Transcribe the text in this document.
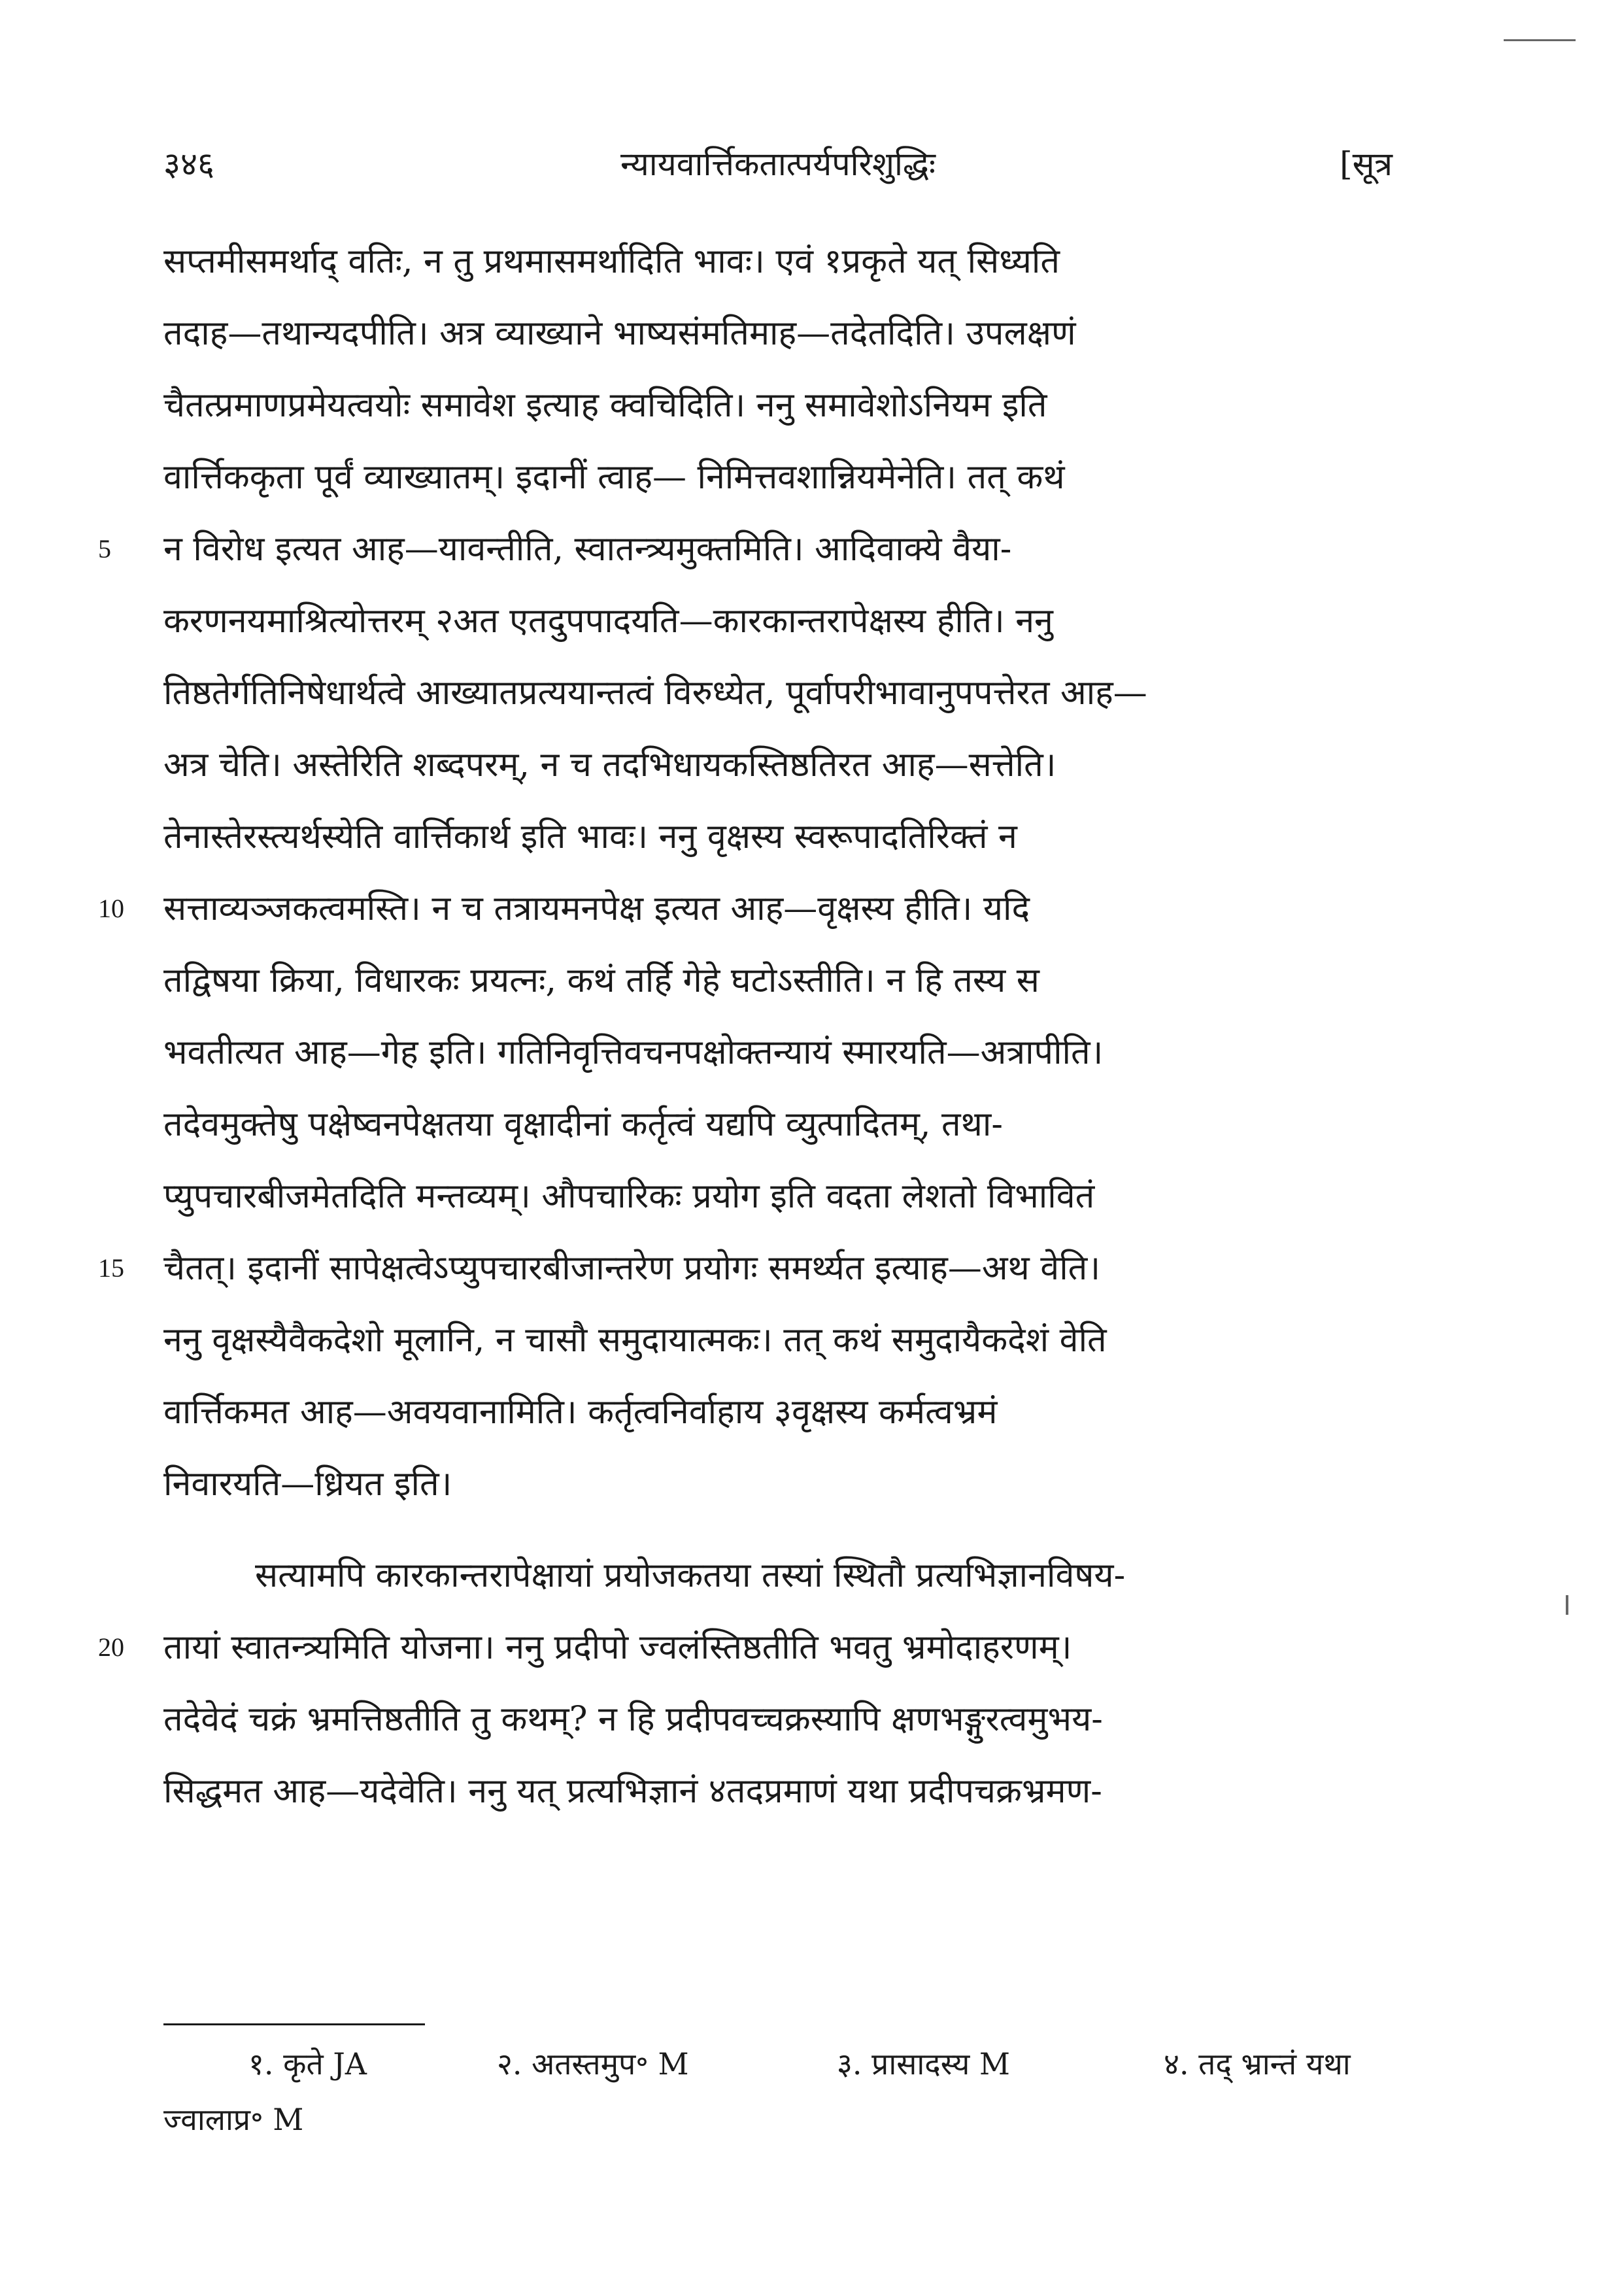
३४६	न्यायवार्त्तिकतात्पर्यपरिशुद्धिः	[सूत्र
सप्तमीसमर्थाद् वतिः, न तु प्रथमासमर्थादिति भावः। एवं १प्रकृते यत् सिध्यति
तदाह—तथान्यदपीति। अत्र व्याख्याने भाष्यसंमतिमाह—तदेतदिति। उपलक्षणं
चैतत्प्रमाणप्रमेयत्वयोः समावेश इत्याह क्वचिदिति। ननु समावेशोऽनियम इति
वार्त्तिककृता पूर्वं व्याख्यातम्। इदानीं त्वाह— निमित्तवशान्नियमेनेति। तत् कथं
5 न विरोध इत्यत आह—यावन्तीति, स्वातन्त्र्यमुक्तमिति। आदिवाक्ये वैया-
करणनयमाश्रित्योत्तरम् २अत एतदुपपादयति—कारकान्तरापेक्षस्य हीति। ननु
तिष्ठतेर्गतिनिषेधार्थत्वे आख्यातप्रत्ययान्तत्वं विरुध्येत, पूर्वापरीभावानुपपत्तेरत आह—
अत्र चेति। अस्तेरिति शब्दपरम्, न च तदभिधायकस्तिष्ठतिरत आह—सत्तेति।
तेनास्तेरस्त्यर्थस्येति वार्त्तिकार्थ इति भावः। ननु वृक्षस्य स्वरूपादतिरिक्तं न
10 सत्ताव्यञ्जकत्वमस्ति। न च तत्रायमनपेक्ष इत्यत आह—वृक्षस्य हीति। यदि
तद्विषया क्रिया, विधारकः प्रयत्नः, कथं तर्हि गेहे घटोऽस्तीति। न हि तस्य स
भवतीत्यत आह—गेह इति। गतिनिवृत्तिवचनपक्षोक्तन्यायं स्मारयति—अत्रापीति।
तदेवमुक्तेषु पक्षेष्वनपेक्षतया वृक्षादीनां कर्तृत्वं यद्यपि व्युत्पादितम्, तथा-
प्युपचारबीजमेतदिति मन्तव्यम्। औपचारिकः प्रयोग इति वदता लेशतो विभावितं
15 चैतत्। इदानीं सापेक्षत्वेऽप्युपचारबीजान्तरेण प्रयोगः समर्थ्यत इत्याह—अथ वेति।
ननु वृक्षस्यैवैकदेशो मूलानि, न चासौ समुदायात्मकः। तत् कथं समुदायैकदेशं वेति
वार्त्तिकमत आह—अवयवानामिति। कर्तृत्वनिर्वाहाय ३वृक्षस्य कर्मत्वभ्रमं
निवारयति—ध्रियत इति।
सत्यामपि कारकान्तरापेक्षायां प्रयोजकतया तस्यां स्थितौ प्रत्यभिज्ञानविषय-
20 तायां स्वातन्त्र्यमिति योजना। ननु प्रदीपो ज्वलंस्तिष्ठतीति भवतु भ्रमोदाहरणम्।
तदेवेदं चक्रं भ्रमत्तिष्ठतीति तु कथम्? न हि प्रदीपवच्चक्रस्यापि क्षणभङ्गुरत्वमुभय-
सिद्धमत आह—यदेवेति। ननु यत् प्रत्यभिज्ञानं ४तदप्रमाणं यथा प्रदीपचक्रभ्रमण-
१. कृते JA	२. अतस्तमुप॰ M	३. प्रासादस्य M	४. तद् भ्रान्तं यथा
ज्वालाप्र॰ M
